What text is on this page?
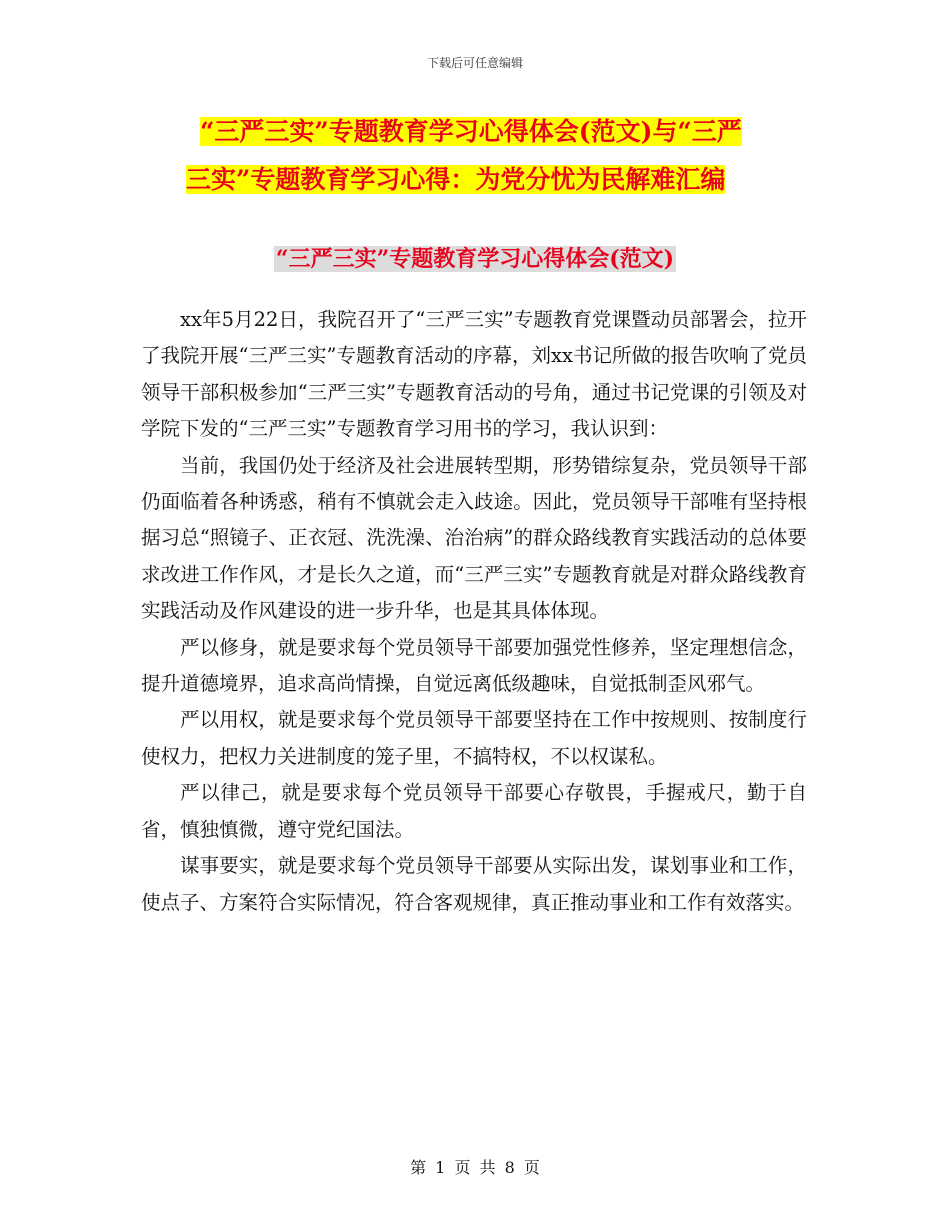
下载后可任意编辑
“三严三实”专题教育学习心得体会(范文)与“三严
三实”专题教育学习心得：为党分忧为民解难汇编
“三严三实”专题教育学习心得体会(范文)

xx年5月22日，我院召开了“三严三实”专题教育党课暨动员部署会，拉开了我院开展“三严三实”专题教育活动的序幕，刘xx书记所做的报告吹响了党员领导干部积极参加“三严三实”专题教育活动的号角，通过书记党课的引领及对学院下发的“三严三实”专题教育学习用书的学习，我认识到：

当前，我国仍处于经济及社会进展转型期，形势错综复杂，党员领导干部仍面临着各种诱惑，稍有不慎就会走入歧途。因此，党员领导干部唯有坚持根据习总“照镜子、正衣冠、洗洗澡、治治病”的群众路线教育实践活动的总体要求改进工作作风，才是长久之道，而“三严三实”专题教育就是对群众路线教育实践活动及作风建设的进一步升华，也是其具体体现。

严以修身，就是要求每个党员领导干部要加强党性修养，坚定理想信念，提升道德境界，追求高尚情操，自觉远离低级趣味，自觉抵制歪风邪气。

严以用权，就是要求每个党员领导干部要坚持在工作中按规则、按制度行使权力，把权力关进制度的笼子里，不搞特权，不以权谋私。

严以律己，就是要求每个党员领导干部要心存敬畏，手握戒尺，勤于自省，慎独慎微，遵守党纪国法。

谋事要实，就是要求每个党员领导干部要从实际出发，谋划事业和工作，使点子、方案符合实际情况，符合客观规律，真正推动事业和工作有效落实。

第 1 页 共 8 页
